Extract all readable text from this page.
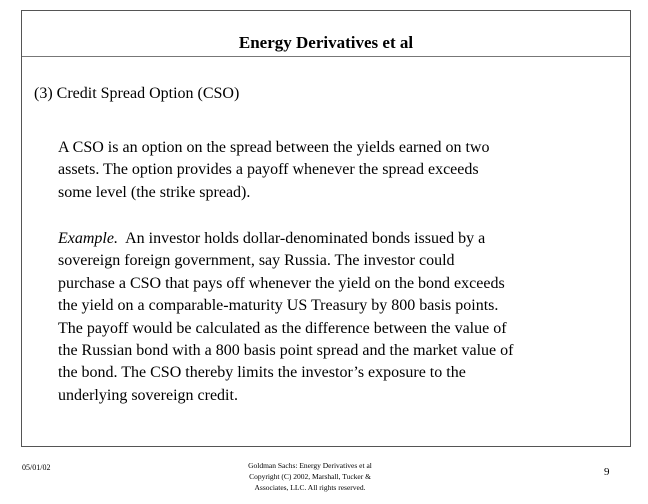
Energy Derivatives et al
(3) Credit Spread Option (CSO)
A CSO is an option on the spread between the yields earned on two
assets. The option provides a payoff whenever the spread exceeds
some level (the strike spread).
Example.  An investor holds dollar-denominated bonds issued by a
sovereign foreign government, say Russia. The investor could
purchase a CSO that pays off whenever the yield on the bond exceeds
the yield on a comparable-maturity US Treasury by 800 basis points.
The payoff would be calculated as the difference between the value of
the Russian bond with a 800 basis point spread and the market value of
the bond. The CSO thereby limits the investor’s exposure to the
underlying sovereign credit.
05/01/02	Goldman Sachs: Energy Derivatives et al
Copyright (C) 2002, Marshall, Tucker &
Associates, LLC. All rights reserved.
9
